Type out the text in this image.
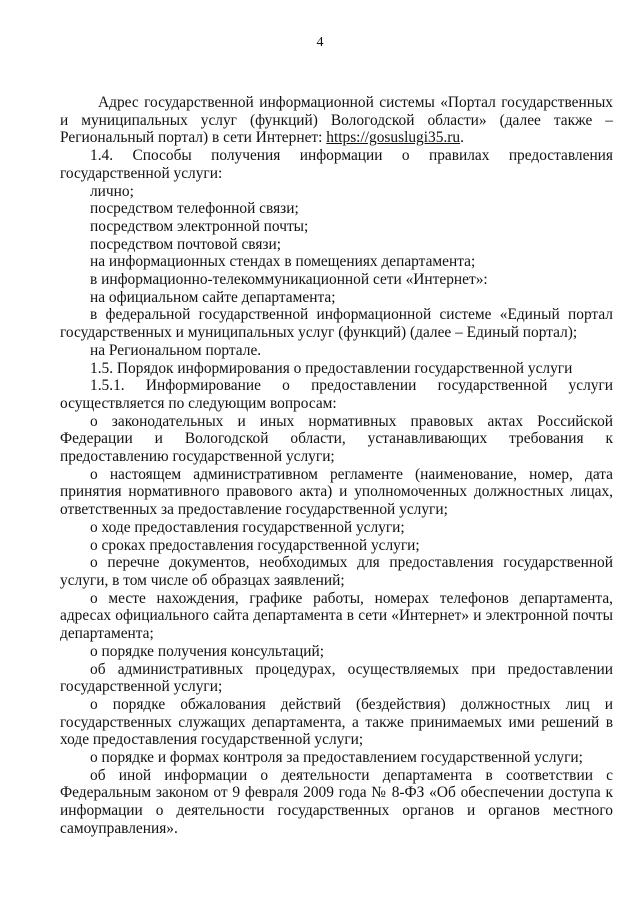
4

Адрес государственной информационной системы «Портал государственных и муниципальных услуг (функций) Вологодской области» (далее также – Региональный портал) в сети Интернет: https://gosuslugi35.ru.

1.4.    Способы    получения    информации    о    правилах    предоставления государственной услуги:

лично;

посредством телефонной связи;

посредством электронной почты;

посредством почтовой связи;

на информационных стендах в помещениях департамента;

в информационно-телекоммуникационной сети «Интернет»:

на официальном сайте департамента;

в федеральной государственной информационной системе «Единый портал государственных и муниципальных услуг (функций) (далее – Единый портал);

на Региональном портале.

1.5. Порядок информирования о предоставлении государственной услуги

1.5.1.    Информирование    о    предоставлении    государственной    услуги осуществляется по следующим вопросам:

о законодательных и иных нормативных правовых актах Российской Федерации и Вологодской области, устанавливающих требования к предоставлению государственной услуги;

о настоящем административном регламенте (наименование, номер, дата принятия нормативного правового акта) и уполномоченных должностных лицах, ответственных за предоставление государственной услуги;

о ходе предоставления государственной услуги;

о сроках предоставления государственной услуги;

о перечне документов, необходимых для предоставления государственной услуги, в том числе об образцах заявлений;

о месте нахождения, графике работы, номерах телефонов департамента, адресах официального сайта департамента в сети «Интернет» и электронной почты департамента;

о порядке получения консультаций;

об административных процедурах, осуществляемых при предоставлении государственной услуги;

о порядке обжалования действий (бездействия) должностных лиц и государственных служащих департамента, а также принимаемых ими решений в ходе предоставления государственной услуги;

о порядке и формах контроля за предоставлением государственной услуги;

об иной информации о деятельности департамента в соответствии с Федеральным законом от 9 февраля 2009 года № 8-ФЗ «Об обеспечении доступа к информации о деятельности государственных органов и органов местного самоуправления».
